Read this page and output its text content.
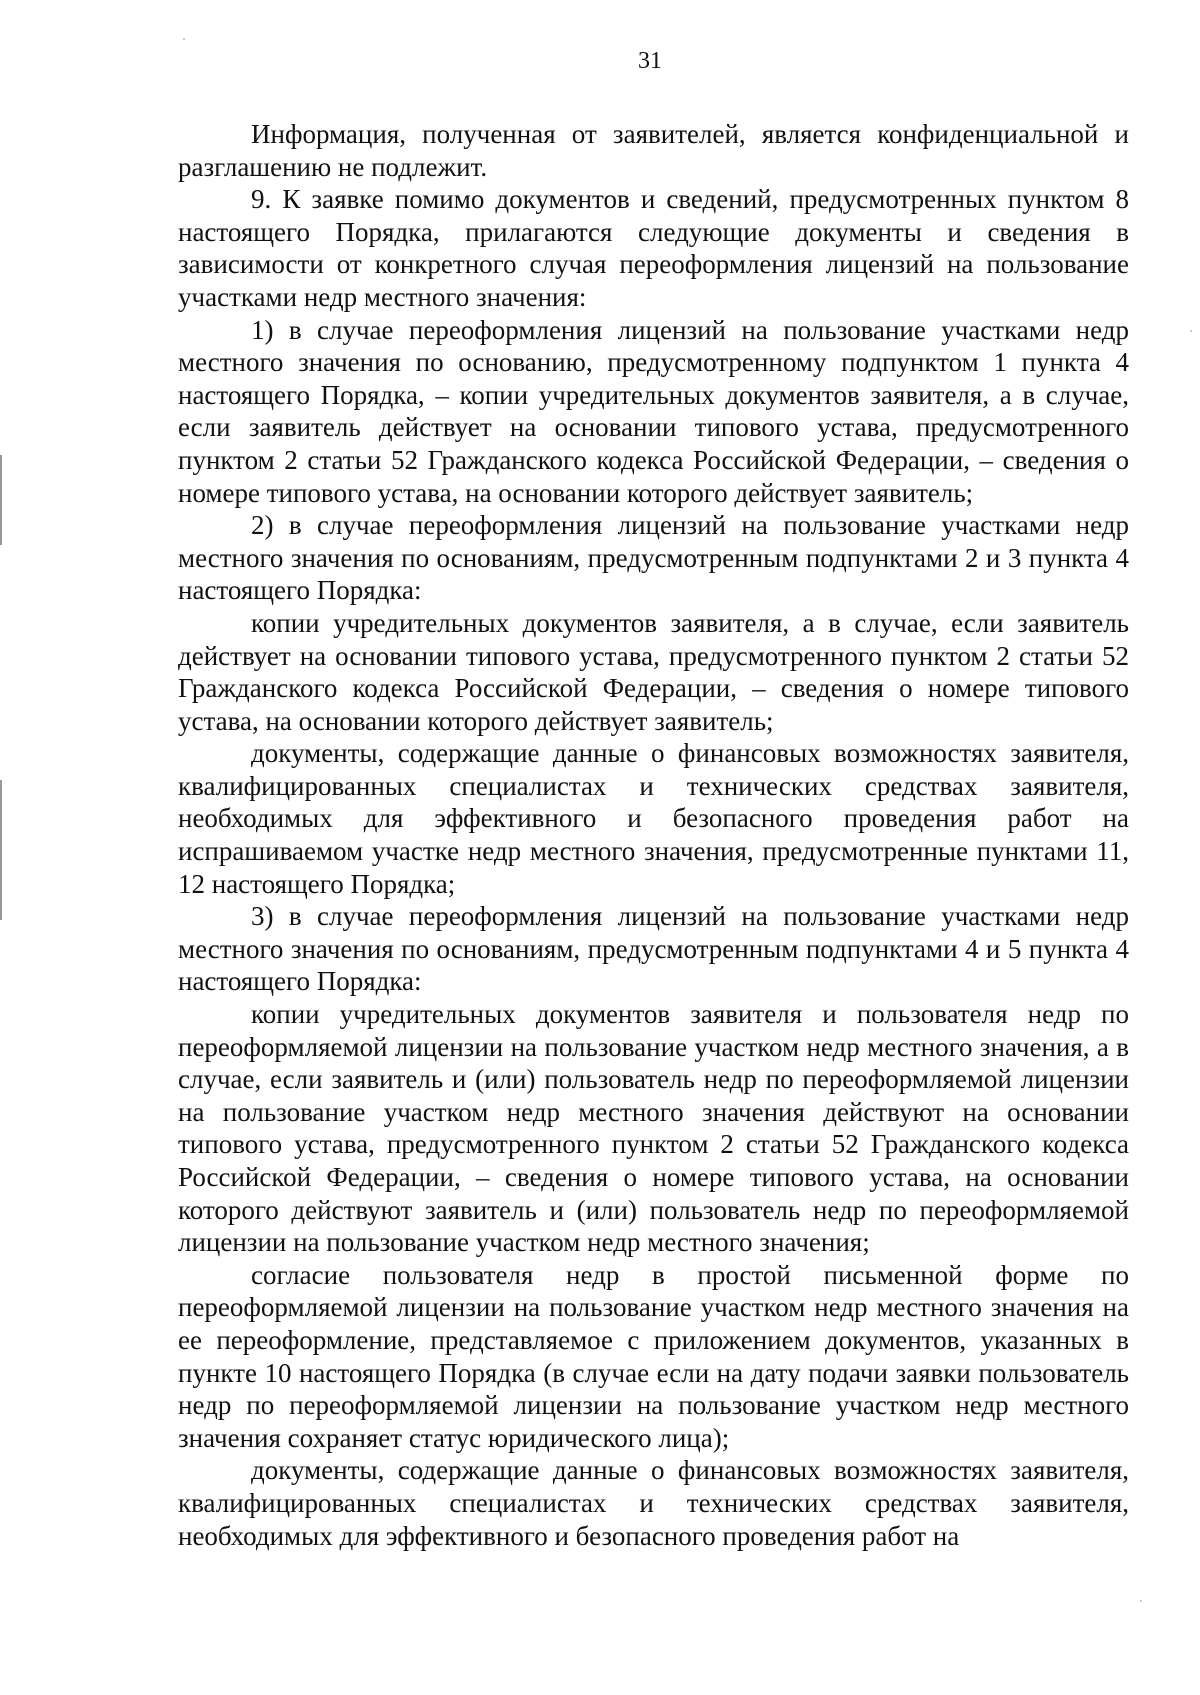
31

Информация, полученная от заявителей, является конфиденциальной и разглашению не подлежит.

9. К заявке помимо документов и сведений, предусмотренных пунктом 8 настоящего Порядка, прилагаются следующие документы и сведения в зависимости от конкретного случая переоформления лицензий на пользование участками недр местного значения:

1) в случае переоформления лицензий на пользование участками недр местного значения по основанию, предусмотренному подпунктом 1 пункта 4 настоящего Порядка, – копии учредительных документов заявителя, а в случае, если заявитель действует на основании типового устава, предусмотренного пунктом 2 статьи 52 Гражданского кодекса Российской Федерации, – сведения о номере типового устава, на основании которого действует заявитель;

2) в случае переоформления лицензий на пользование участками недр местного значения по основаниям, предусмотренным подпунктами 2 и 3 пункта 4 настоящего Порядка:

копии учредительных документов заявителя, а в случае, если заявитель действует на основании типового устава, предусмотренного пунктом 2 статьи 52 Гражданского кодекса Российской Федерации, – сведения о номере типового устава, на основании которого действует заявитель;

документы, содержащие данные о финансовых возможностях заявителя, квалифицированных специалистах и технических средствах заявителя, необходимых для эффективного и безопасного проведения работ на испрашиваемом участке недр местного значения, предусмотренные пунктами 11, 12 настоящего Порядка;

3) в случае переоформления лицензий на пользование участками недр местного значения по основаниям, предусмотренным подпунктами 4 и 5 пункта 4 настоящего Порядка:

копии учредительных документов заявителя и пользователя недр по переоформляемой лицензии на пользование участком недр местного значения, а в случае, если заявитель и (или) пользователь недр по переоформляемой лицензии на пользование участком недр местного значения действуют на основании типового устава, предусмотренного пунктом 2 статьи 52 Гражданского кодекса Российской Федерации, – сведения о номере типового устава, на основании которого действуют заявитель и (или) пользователь недр по переоформляемой лицензии на пользование участком недр местного значения;

согласие пользователя недр в простой письменной форме по переоформляемой лицензии на пользование участком недр местного значения на ее переоформление, представляемое с приложением документов, указанных в пункте 10 настоящего Порядка (в случае если на дату подачи заявки пользователь недр по переоформляемой лицензии на пользование участком недр местного значения сохраняет статус юридического лица);

документы, содержащие данные о финансовых возможностях заявителя, квалифицированных специалистах и технических средствах заявителя, необходимых для эффективного и безопасного проведения работ на
